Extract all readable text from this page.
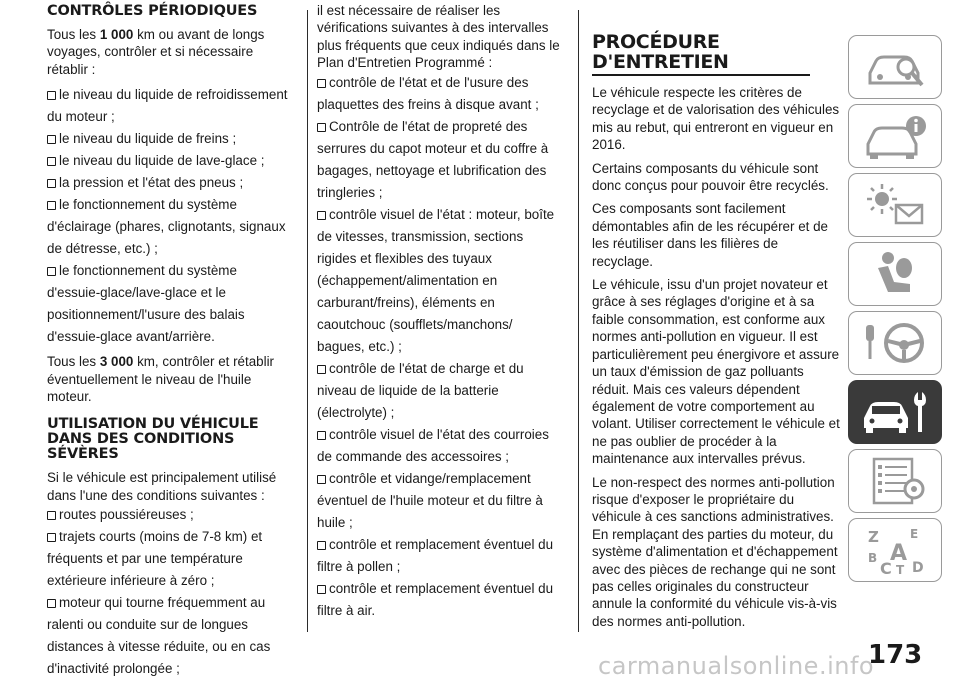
CONTRÔLES PÉRIODIQUES

Tous les 1 000 km ou avant de longs voyages, contrôler et si nécessaire rétablir :

le niveau du liquide de refroidissement du moteur ;
le niveau du liquide de freins ;
le niveau du liquide de lave-glace ;
la pression et l'état des pneus ;
le fonctionnement du système d'éclairage (phares, clignotants, signaux de détresse, etc.) ;
le fonctionnement du système d'essuie-glace/lave-glace et le positionnement/l'usure des balais d'essuie-glace avant/arrière.

Tous les 3 000 km, contrôler et rétablir éventuellement le niveau de l'huile moteur.

UTILISATION DU VÉHICULE DANS DES CONDITIONS SÉVÈRES

Si le véhicule est principalement utilisé dans l'une des conditions suivantes :

routes poussiéreuses ;
trajets courts (moins de 7-8 km) et fréquents et par une température extérieure inférieure à zéro ;
moteur qui tourne fréquemment au ralenti ou conduite sur de longues distances à vitesse réduite, ou en cas d'inactivité prolongée ;

il est nécessaire de réaliser les vérifications suivantes à des intervalles plus fréquents que ceux indiqués dans le Plan d'Entretien Programmé :

contrôle de l'état et de l'usure des plaquettes des freins à disque avant ;
Contrôle de l'état de propreté des serrures du capot moteur et du coffre à bagages, nettoyage et lubrification des tringleries ;
contrôle visuel de l'état : moteur, boîte de vitesses, transmission, sections rigides et flexibles des tuyaux (échappement/alimentation en carburant/freins), éléments en caoutchouc (soufflets/manchons/ bagues, etc.) ;
contrôle de l'état de charge et du niveau de liquide de la batterie (électrolyte) ;
contrôle visuel de l'état des courroies de commande des accessoires ;
contrôle et vidange/remplacement éventuel de l'huile moteur et du filtre à huile ;
contrôle et remplacement éventuel du filtre à pollen ;
contrôle et remplacement éventuel du filtre à air.
PROCÉDURE
D'ENTRETIEN

Le véhicule respecte les critères de recyclage et de valorisation des véhicules mis au rebut, qui entreront en vigueur en 2016.

Certains composants du véhicule sont donc conçus pour pouvoir être recyclés.

Ces composants sont facilement démontables afin de les récupérer et de les réutiliser dans les filières de recyclage.

Le véhicule, issu d'un projet novateur et grâce à ses réglages d'origine et à sa faible consommation, est conforme aux normes anti-pollution en vigueur. Il est particulièrement peu énergivore et assure un taux d'émission de gaz polluants réduit. Mais ces valeurs dépendent également de votre comportement au volant. Utiliser correctement le véhicule et ne pas oublier de procéder à la maintenance aux intervalles prévus.

Le non-respect des normes anti-pollution risque d'exposer le propriétaire du véhicule à ces sanctions administratives. En remplaçant des parties du moteur, du système d'alimentation et d'échappement avec des pièces de rechange qui ne sont pas celles originales du constructeur annule la conformité du véhicule vis-à-vis des normes anti-pollution.

Z	E
B A
C T D
173
carmanualsonline.info
